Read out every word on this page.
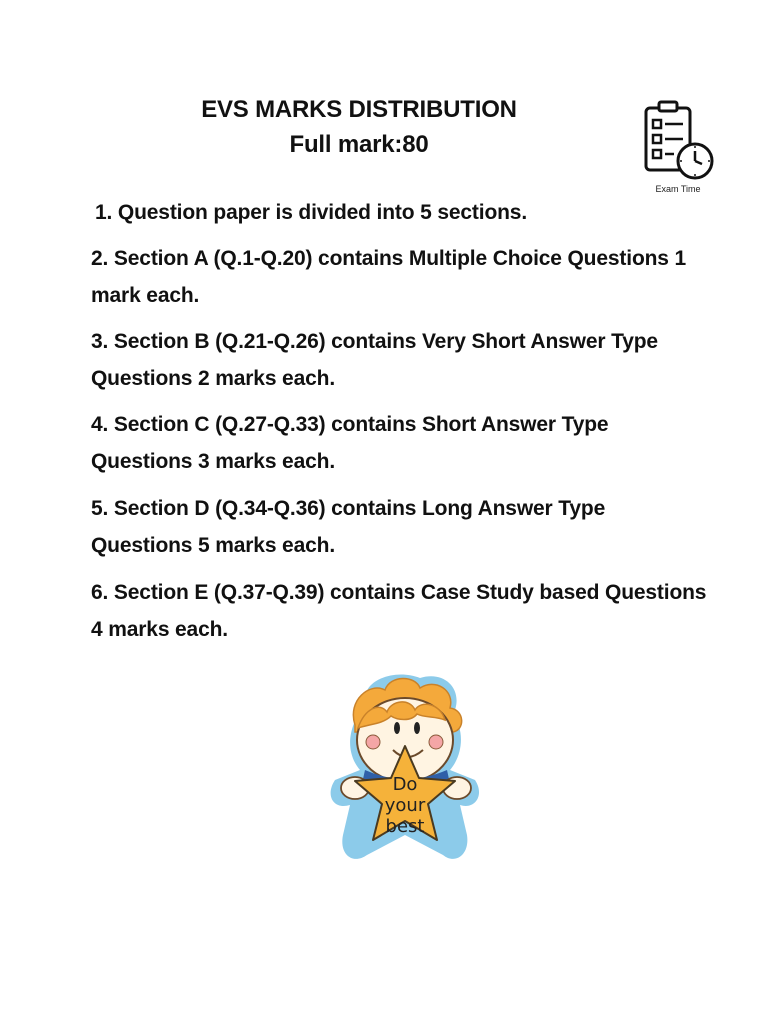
EVS MARKS DISTRIBUTION
Full mark:80
Exam Time
1. Question paper is divided into 5 sections.
2. Section A (Q.1-Q.20) contains Multiple Choice Questions 1 mark each.
3. Section B (Q.21-Q.26) contains Very Short Answer Type Questions 2 marks each.
4. Section C (Q.27-Q.33) contains Short Answer Type Questions 3 marks each.
5. Section D (Q.34-Q.36) contains Long Answer Type Questions 5 marks each.
6. Section E (Q.37-Q.39) contains Case Study based Questions 4 marks each.
Do
your
best
